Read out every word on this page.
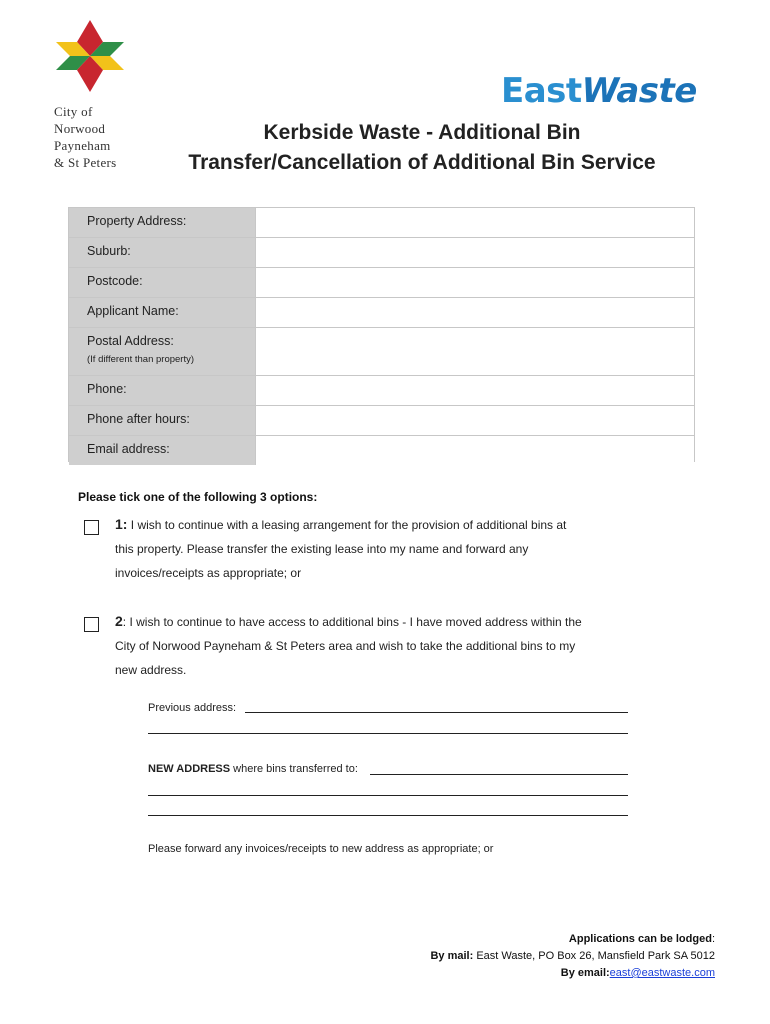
City of
Norwood
Payneham
& St Peters
EastWaste
Kerbside Waste - Additional Bin
Transfer/Cancellation of Additional Bin Service
Property Address:
Suburb:
Postcode:
Applicant Name:
Postal Address:
(If different than property)
Phone:
Phone after hours:
Email address:
Please tick one of the following 3 options:
1: I wish to continue with a leasing arrangement for the provision of additional bins at
this property. Please transfer the existing lease into my name and forward any
invoices/receipts as appropriate; or
2: I wish to continue to have access to additional bins - I have moved address within the
City of Norwood Payneham & St Peters area and wish to take the additional bins to my
new address.
Previous address:
NEW ADDRESS where bins transferred to:
Please forward any invoices/receipts to new address as appropriate; or
Applications can be lodged:
By mail: East Waste, PO Box 26, Mansfield Park SA 5012
By email:east@eastwaste.com
